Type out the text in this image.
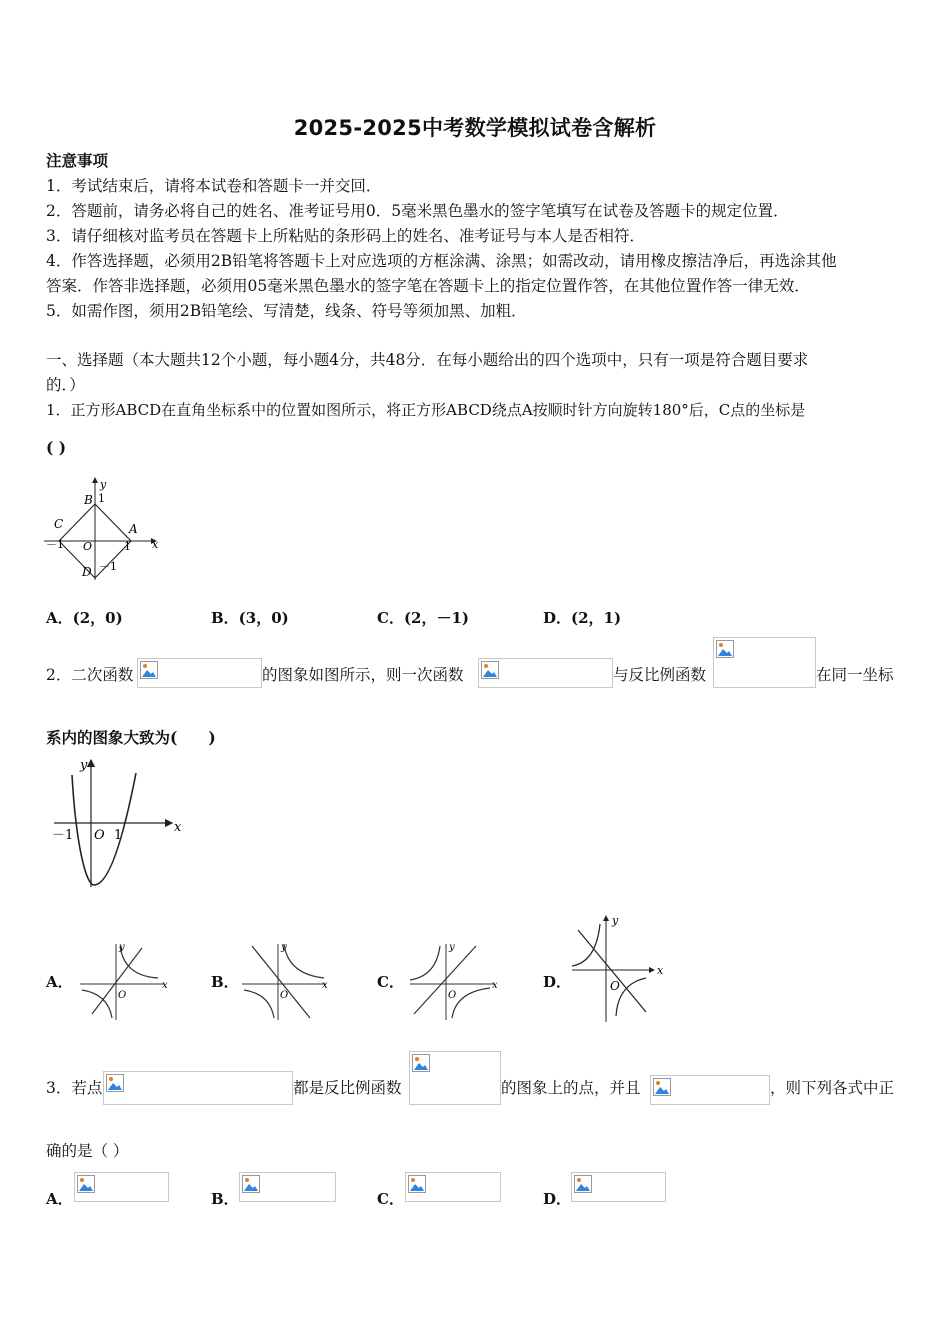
2025-2025中考数学模拟试卷含解析
注意事项
1．考试结束后，请将本试卷和答题卡一并交回．
2．答题前，请务必将自己的姓名、准考证号用0．5毫米黑色墨水的签字笔填写在试卷及答题卡的规定位置．
3．请仔细核对监考员在答题卡上所粘贴的条形码上的姓名、准考证号与本人是否相符．
4．作答选择题，必须用2B铅笔将答题卡上对应选项的方框涂满、涂黑；如需改动，请用橡皮擦洁净后，再选涂其他
答案．作答非选择题，必须用05毫米黑色墨水的签字笔在答题卡上的指定位置作答，在其他位置作答一律无效．
5．如需作图，须用2B铅笔绘、写清楚，线条、符号等须加黑、加粗．
一、选择题（本大题共12个小题，每小题4分，共48分．在每小题给出的四个选项中，只有一项是符合题目要求
的．）
1．正方形ABCD在直角坐标系中的位置如图所示，将正方形ABCD绕点A按顺时针方向旋转180°后，C点的坐标是
( )
y
x
O
B 1
C
－1
A
1
D －1
A．(2，0)	B．(3，0)	C．(2，－1)	D．(2，1)
2．二次函数	的图象如图所示，则一次函数	与反比例函数	在同一坐标
系内的图象大致为(　　)
y
x
O
－1	1
A．
y
x
O
B．
y
x
O
C．
y
x
O
D．
y
x
O
3．若点	都是反比例函数	的图象上的点，并且	，则下列各式中正
确的是（ ）
A．	B．	C．	D．
